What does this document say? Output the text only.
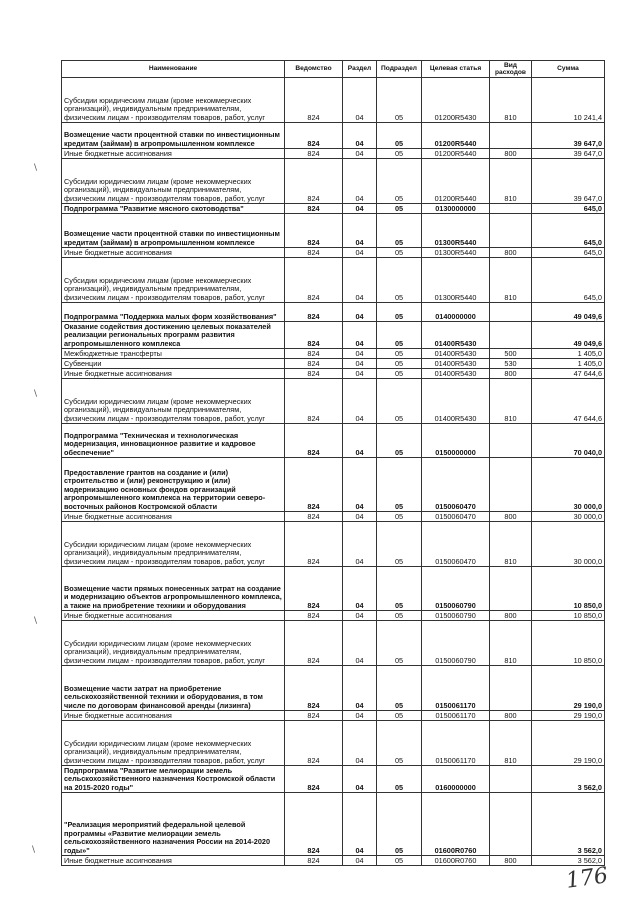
Наименование	Ведомство	Раздел	Подраздел	Целевая статья	Вид расходов	Сумма
Субсидии юридическим лицам (кроме некоммерческих организаций), индивидуальным предпринимателям, физическим лицам - производителям товаров, работ, услуг	824	04	05	01200R5430	810	10 241,4
Возмещение части процентной ставки по инвестиционным кредитам (займам) в агропромышленном комплексе	824	04	05	01200R5440		39 647,0
Иные бюджетные ассигнования	824	04	05	01200R5440	800	39 647,0
Субсидии юридическим лицам (кроме некоммерческих организаций), индивидуальным предпринимателям, физическим лицам - производителям товаров, работ, услуг	824	04	05	01200R5440	810	39 647,0
Подпрограмма "Развитие мясного скотоводства"	824	04	05	0130000000		645,0
Возмещение части процентной ставки по инвестиционным кредитам (займам) в агропромышленном комплексе	824	04	05	01300R5440		645,0
Иные бюджетные ассигнования	824	04	05	01300R5440	800	645,0
Субсидии юридическим лицам (кроме некоммерческих организаций), индивидуальным предпринимателям, физическим лицам - производителям товаров, работ, услуг	824	04	05	01300R5440	810	645,0
Подпрограмма "Поддержка малых форм хозяйствования"	824	04	05	0140000000		49 049,6
Оказание содействия достижению целевых показателей реализации региональных программ развития агропромышленного комплекса	824	04	05	01400R5430		49 049,6
Межбюджетные трансферты	824	04	05	01400R5430	500	1 405,0
Субвенции	824	04	05	01400R5430	530	1 405,0
Иные бюджетные ассигнования	824	04	05	01400R5430	800	47 644,6
Субсидии юридическим лицам (кроме некоммерческих организаций), индивидуальным предпринимателям, физическим лицам - производителям товаров, работ, услуг	824	04	05	01400R5430	810	47 644,6
Подпрограмма "Техническая и технологическая модернизация, инновационное развитие и кадровое обеспечение"	824	04	05	0150000000		70 040,0
Предоставление грантов на создание и (или) строительство и (или) реконструкцию и (или) модернизацию основных фондов организаций агропромышленного комплекса на территории северо-восточных районов Костромской области	824	04	05	0150060470		30 000,0
Иные бюджетные ассигнования	824	04	05	0150060470	800	30 000,0
Субсидии юридическим лицам (кроме некоммерческих организаций), индивидуальным предпринимателям, физическим лицам - производителям товаров, работ, услуг	824	04	05	0150060470	810	30 000,0
Возмещение части прямых понесенных затрат на создание и модернизацию объектов агропромышленного комплекса, а также на приобретение техники и оборудования	824	04	05	0150060790		10 850,0
Иные бюджетные ассигнования	824	04	05	0150060790	800	10 850,0
Субсидии юридическим лицам (кроме некоммерческих организаций), индивидуальным предпринимателям, физическим лицам - производителям товаров, работ, услуг	824	04	05	0150060790	810	10 850,0
Возмещение части затрат на приобретение сельскохозяйственной техники и оборудования, в том числе по договорам финансовой аренды (лизинга)	824	04	05	0150061170		29 190,0
Иные бюджетные ассигнования	824	04	05	0150061170	800	29 190,0
Субсидии юридическим лицам (кроме некоммерческих организаций), индивидуальным предпринимателям, физическим лицам - производителям товаров, работ, услуг	824	04	05	0150061170	810	29 190,0
Подпрограмма "Развитие мелиорации земель сельскохозяйственного назначения Костромской области на 2015-2020 годы"	824	04	05	0160000000		3 562,0
"Реализация мероприятий федеральной целевой программы «Развитие мелиорации земель сельскохозяйственного назначения России на 2014-2020 годы»"	824	04	05	01600R0760		3 562,0
Иные бюджетные ассигнования	824	04	05	01600R0760	800	3 562,0
\
\
\
\
176
